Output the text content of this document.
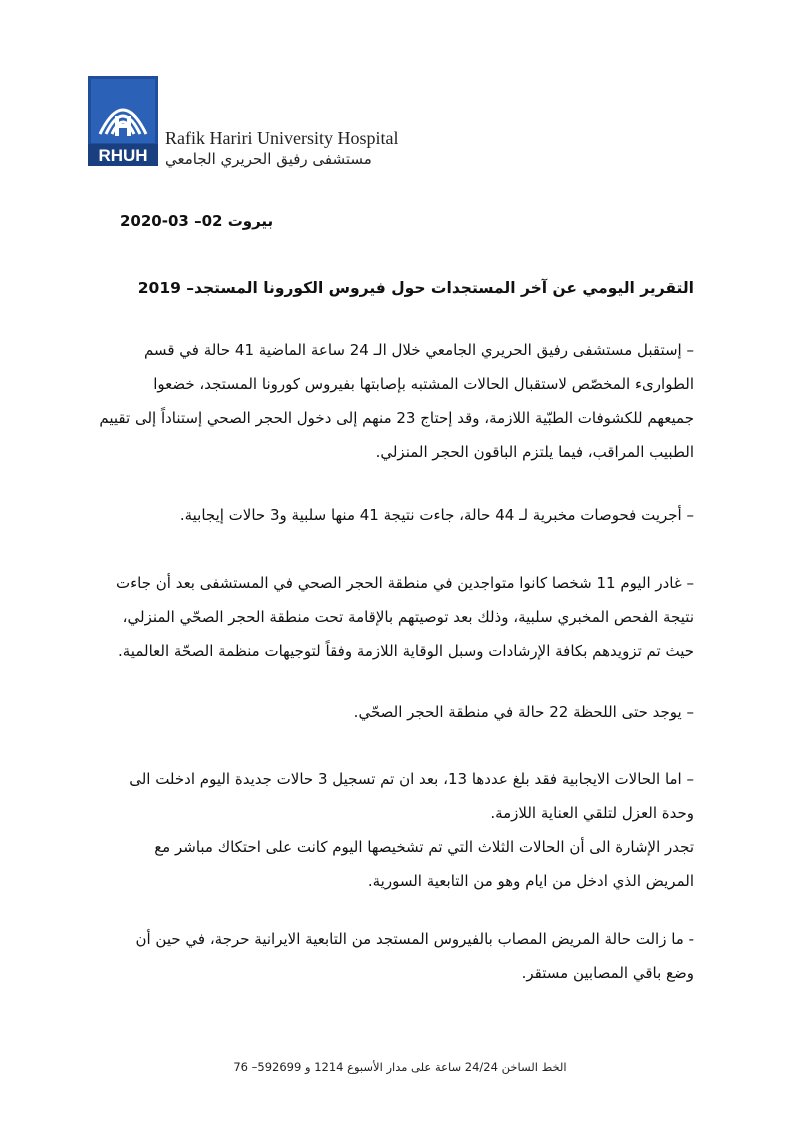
RHUH
Rafik Hariri University Hospital
مستشفى رفيق الحريري الجامعي
بيروت 02– 03-2020
التقرير اليومي عن آخر المستجدات حول فيروس الكورونا المستجد– 2019
– إستقبل مستشفى رفيق الحريري الجامعي خلال الـ 24 ساعة الماضية 41 حالة في قسم
الطوارىء المخصّص لاستقبال الحالات المشتبه بإصابتها بفيروس كورونا المستجد، خضعوا
جميعهم للكشوفات الطبّية اللازمة، وقد إحتاج 23 منهم إلى دخول الحجر الصحي إستناداً إلى تقييم
الطبيب المراقب، فيما يلتزم الباقون الحجر المنزلي.
– أجريت فحوصات مخبرية لـ 44 حالة، جاءت نتيجة 41 منها سلبية و3 حالات إيجابية.
– غادر اليوم 11 شخصا كانوا متواجدين في منطقة الحجر الصحي في المستشفى بعد أن جاءت
نتيجة الفحص المخبري سلبية، وذلك بعد توصيتهم بالإقامة تحت منطقة الحجر الصحّي المنزلي،
حيث تم تزويدهم بكافة الإرشادات وسبل الوقاية اللازمة وفقاً لتوجيهات منظمة الصحّة العالمية.
– يوجد حتى اللحظة 22 حالة في منطقة الحجر الصحّي.
– اما الحالات الايجابية فقد بلغ عددها 13، بعد ان تم تسجيل 3 حالات جديدة اليوم ادخلت الى
وحدة العزل لتلقي العناية اللازمة.
تجدر الإشارة الى أن الحالات الثلاث التي تم تشخيصها اليوم كانت على احتكاك مباشر مع
المريض الذي ادخل من ايام وهو من التابعية السورية.
- ما زالت حالة المريض المصاب بالفيروس المستجد من التابعية الايرانية حرجة، في حين أن
وضع باقي المصابين مستقر.
الخط الساخن 24/24 ساعة على مدار الأسبوع 1214 و 592699– 76
